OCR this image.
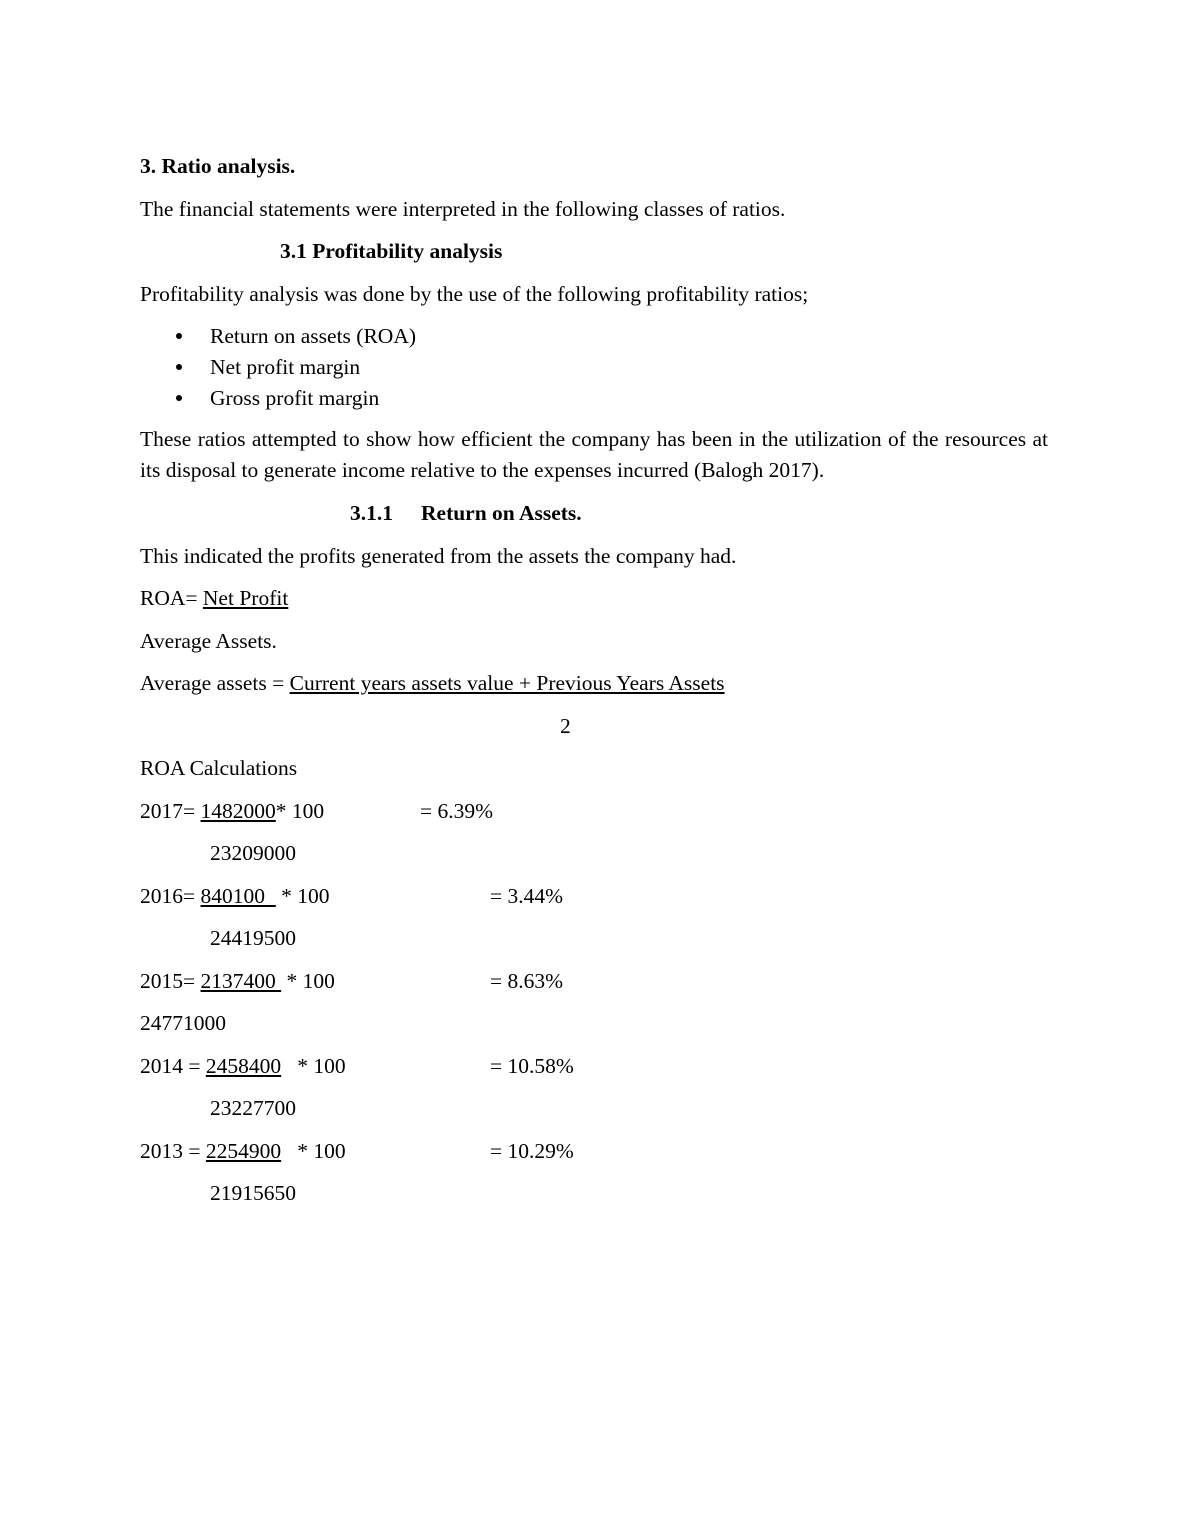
3. Ratio analysis.
The financial statements were interpreted in the following classes of ratios.
3.1 Profitability analysis
Profitability analysis was done by the use of the following profitability ratios;
Return on assets (ROA)
Net profit margin
Gross profit margin
These ratios attempted to show how efficient the company has been in the utilization of the resources at its disposal to generate income relative to the expenses incurred (Balogh 2017).
3.1.1 Return on Assets.
This indicated the profits generated from the assets the company had.
ROA= Net Profit
Average Assets.
Average assets = Current years assets value + Previous Years Assets
2
ROA Calculations
2017= 1482000* 100	= 6.39%
23209000
2016= 840100   * 100	= 3.44%
24419500
2015= 2137400  * 100	= 8.63%
24771000
2014 = 2458400   * 100	= 10.58%
23227700
2013 = 2254900   * 100	= 10.29%
21915650
